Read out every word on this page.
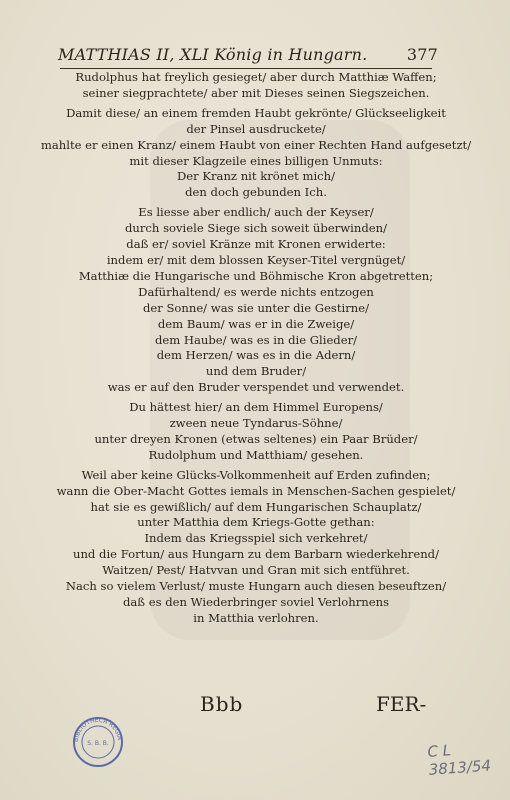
MATTHIAS II, XLI König in Hungarn. 377
Rudolphus hat freylich gesieget/ aber durch Matthiæ Waffen;
seiner siegprachtete/ aber mit Dieses seinen Siegszeichen.
Damit diese/ an einem fremden Haubt gekrönte/ Glückseeligkeit
der Pinsel ausdruckete/
mahlte er einen Kranz/ einem Haubt von einer Rechten Hand aufgesetzt/
mit dieser Klagzeile eines billigen Unmuts:
Der Kranz nit krönet mich/
den doch gebunden Ich.
Es liesse aber endlich/ auch der Keyser/
durch soviele Siege sich soweit überwinden/
daß er/ soviel Kränze mit Kronen erwiderte:
indem er/ mit dem blossen Keyser-Titel vergnüget/
Matthiæ die Hungarische und Böhmische Kron abgetretten;
Dafürhaltend/ es werde nichts entzogen
der Sonne/ was sie unter die Gestirne/
dem Baum/ was er in die Zweige/
dem Haube/ was es in die Glieder/
dem Herzen/ was es in die Adern/
und dem Bruder/
was er auf den Bruder verspendet und verwendet.
Du hättest hier/ an dem Himmel Europens/
zween neue Tyndarus-Söhne/
unter dreyen Kronen (etwas seltenes) ein Paar Brüder/
Rudolphum und Matthiam/ gesehen.
Weil aber keine Glücks-Volkommenheit auf Erden zufinden;
wann die Ober-Macht Gottes iemals in Menschen-Sachen gespielet/
hat sie es gewißlich/ auf dem Hungarischen Schauplatz/
unter Matthia dem Kriegs-Gotte gethan:
Indem das Kriegsspiel sich verkehret/
und die Fortun/ aus Hungarn zu dem Barbarn wiederkehrend/
Waitzen/ Pest/ Hatvvan und Gran mit sich entführet.
Nach so vielem Verlust/ muste Hungarn auch diesen beseuftzen/
daß es den Wiederbringer soviel Verlohrnens
in Matthia verlohren.
Bbb	FER-
BIBLIOTHECA REGIA
S. B. B.	C L 3813/54
